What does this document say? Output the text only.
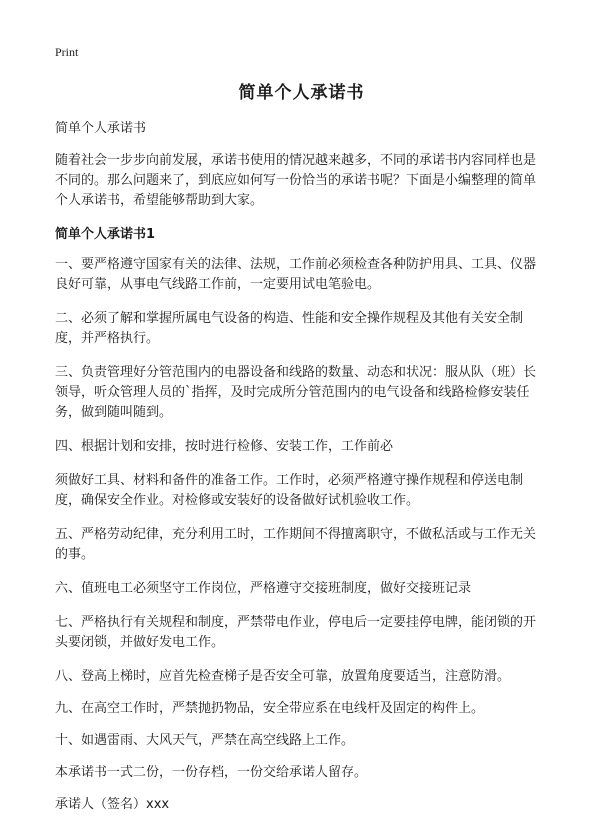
Print
简单个人承诺书

简单个人承诺书

随着社会一步步向前发展，承诺书使用的情况越来越多，不同的承诺书内容同样也是不同的。那么问题来了，到底应如何写一份恰当的承诺书呢？下面是小编整理的简单个人承诺书，希望能够帮助到大家。

简单个人承诺书1

一、要严格遵守国家有关的法律、法规，工作前必须检查各种防护用具、工具、仪器良好可靠，从事电气线路工作前，一定要用试电笔验电。

二、必须了解和掌握所属电气设备的构造、性能和安全操作规程及其他有关安全制度，并严格执行。

三、负责管理好分管范围内的电器设备和线路的数量、动态和状况：服从队（班）长领导，听众管理人员的`指挥，及时完成所分管范围内的电气设备和线路检修安装任务，做到随叫随到。

四、根据计划和安排，按时进行检修、安装工作，工作前必

须做好工具、材料和备件的准备工作。工作时，必须严格遵守操作规程和停送电制度，确保安全作业。对检修或安装好的设备做好试机验收工作。

五、严格劳动纪律，充分利用工时，工作期间不得擅离职守，不做私活或与工作无关的事。

六、值班电工必须坚守工作岗位，严格遵守交接班制度，做好交接班记录

七、严格执行有关规程和制度，严禁带电作业，停电后一定要挂停电牌，能闭锁的开头要闭锁，并做好发电工作。

八、登高上梯时，应首先检查梯子是否安全可靠，放置角度要适当，注意防滑。

九、在高空工作时，严禁抛扔物品，安全带应系在电线杆及固定的构件上。

十、如遇雷雨、大风天气，严禁在高空线路上工作。

本承诺书一式二份，一份存档，一份交给承诺人留存。

承诺人（签名）xxx
